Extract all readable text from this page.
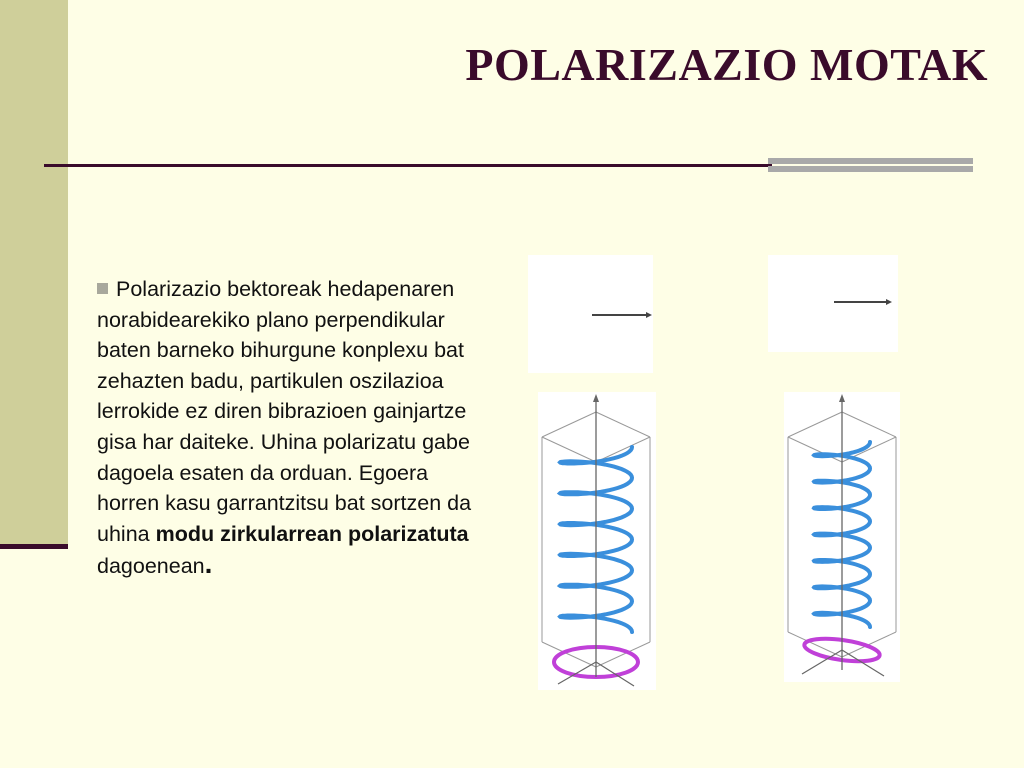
POLARIZAZIO MOTAK

Polarizazio bektoreak hedapenaren norabidearekiko plano perpendikular baten barneko bihurgune konplexu bat zehazten badu, partikulen oszilazioa lerrokide ez diren bibrazioen gainjartze gisa har daiteke. Uhina polarizatu gabe dagoela esaten da orduan. Egoera horren kasu garrantzitsu bat sortzen da uhina modu zirkularrean polarizatuta
dagoenean.
